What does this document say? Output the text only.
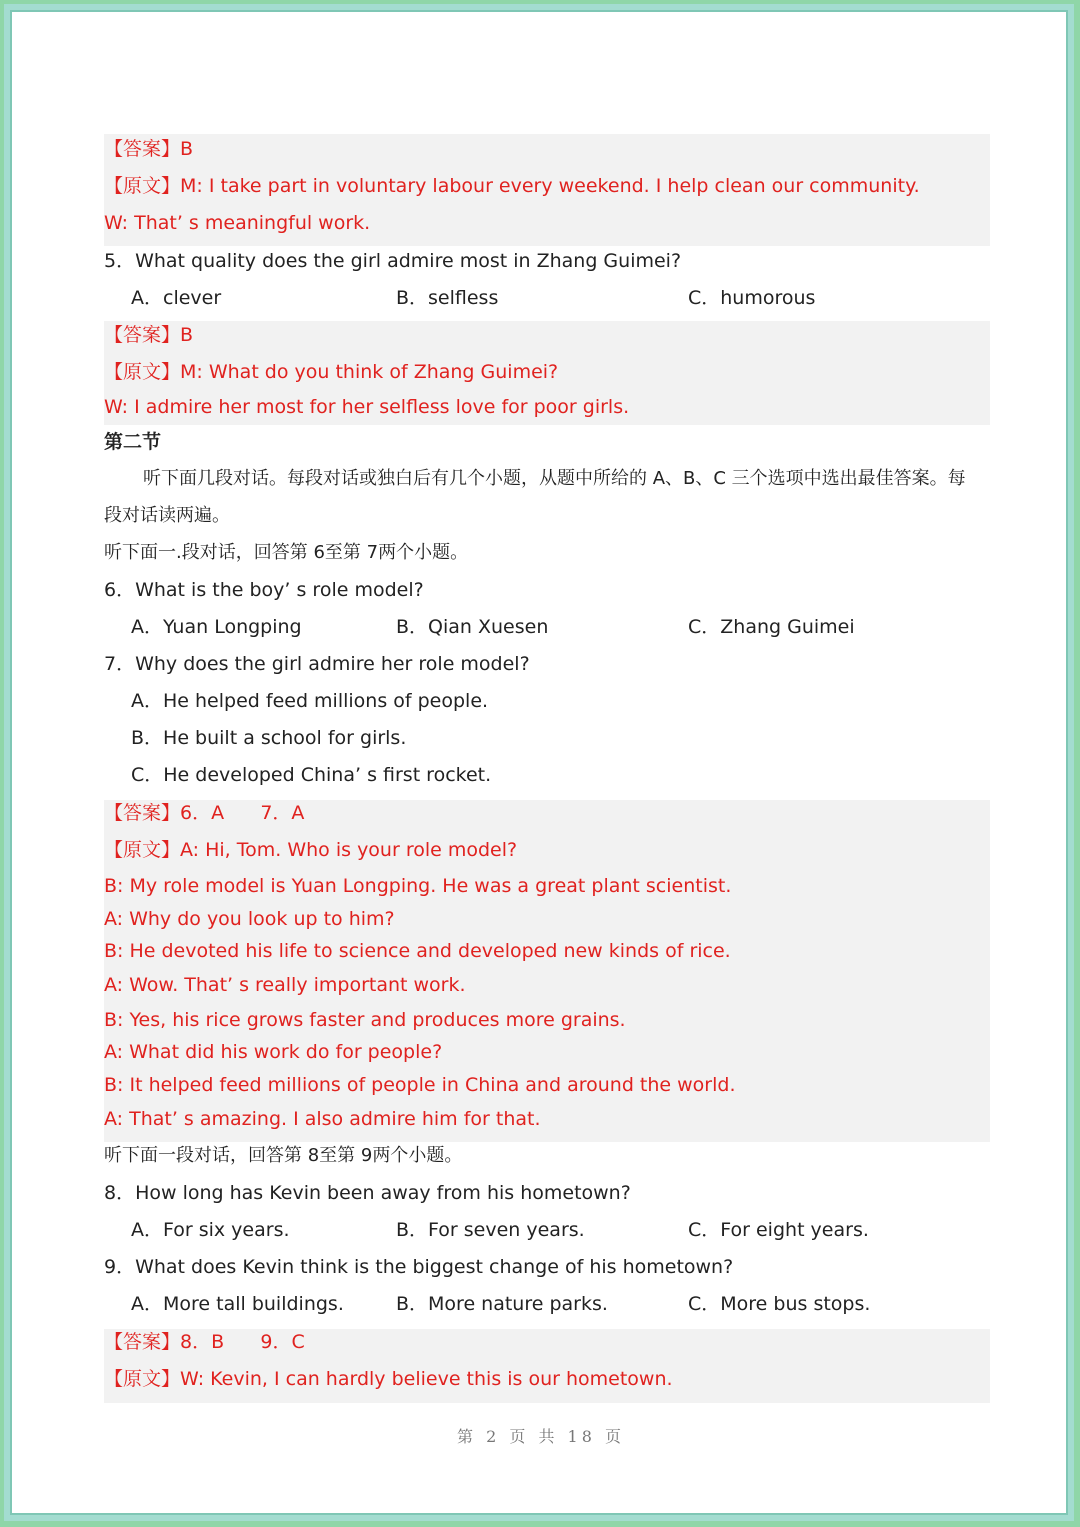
【答案】B
【原文】M: I take part in voluntary labour every weekend. I help clean our community.
W: That’ s meaningful work.
5．What quality does the girl admire most in Zhang Guimei?
A．clever	B．selfless	C．humorous
【答案】B
【原文】M: What do you think of Zhang Guimei?
W: I admire her most for her selfless love for poor girls.
第二节
听下面几段对话。每段对话或独白后有几个小题，从题中所给的 A、B、C 三个选项中选出最佳答案。每
段对话读两遍。
听下面一.段对话，回答第 6至第 7两个小题。
6．What is the boy’ s role model?
A．Yuan Longping	B．Qian Xuesen	C．Zhang Guimei
7．Why does the girl admire her role model?
A．He helped feed millions of people.
B．He built a school for girls.
C．He developed China’ s first rocket.
【答案】6．A      7．A
【原文】A: Hi, Tom. Who is your role model?
B: My role model is Yuan Longping. He was a great plant scientist.
A: Why do you look up to him?
B: He devoted his life to science and developed new kinds of rice.
A: Wow. That’ s really important work.
B: Yes, his rice grows faster and produces more grains.
A: What did his work do for people?
B: It helped feed millions of people in China and around the world.
A: That’ s amazing. I also admire him for that.
听下面一段对话，回答第 8至第 9两个小题。
8．How long has Kevin been away from his hometown?
A．For six years.	B．For seven years.	C．For eight years.
9．What does Kevin think is the biggest change of his hometown?
A．More tall buildings.	B．More nature parks.	C．More bus stops.
【答案】8．B      9．C
【原文】W: Kevin, I can hardly believe this is our hometown.
第 2 页 共 18 页
